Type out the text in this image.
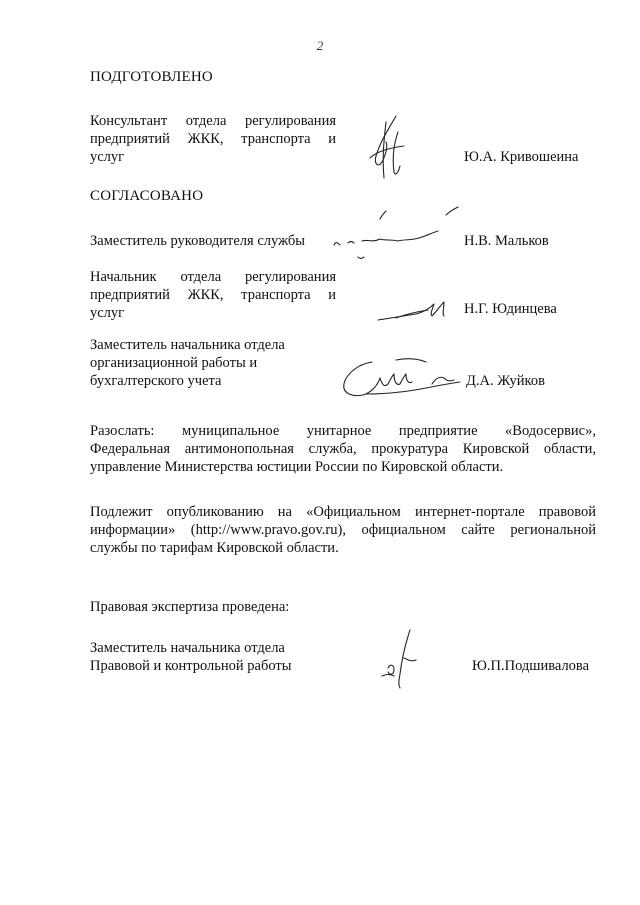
2
ПОДГОТОВЛЕНО
Консультант отдела регулирования
предприятий ЖКК, транспорта и
услуг	Ю.А. Кривошеина
СОГЛАСОВАНО
Заместитель руководителя службы	Н.В. Мальков
Начальник отдела регулирования
предприятий ЖКК, транспорта и
услуг	Н.Г. Юдинцева
Заместитель начальника отдела
организационной работы и
бухгалтерского учета	Д.А. Жуйков
Разослать: муниципальное унитарное предприятие «Водосервис»,
Федеральная антимонопольная служба, прокуратура Кировской области,
управление Министерства юстиции России по Кировской области.
Подлежит опубликованию на «Официальном интернет-портале правовой
информации» (http://www.pravo.gov.ru), официальном сайте региональной
службы по тарифам Кировской области.
Правовая экспертиза проведена:
Заместитель начальника отдела
Правовой и контрольной работы	Ю.П.Подшивалова
